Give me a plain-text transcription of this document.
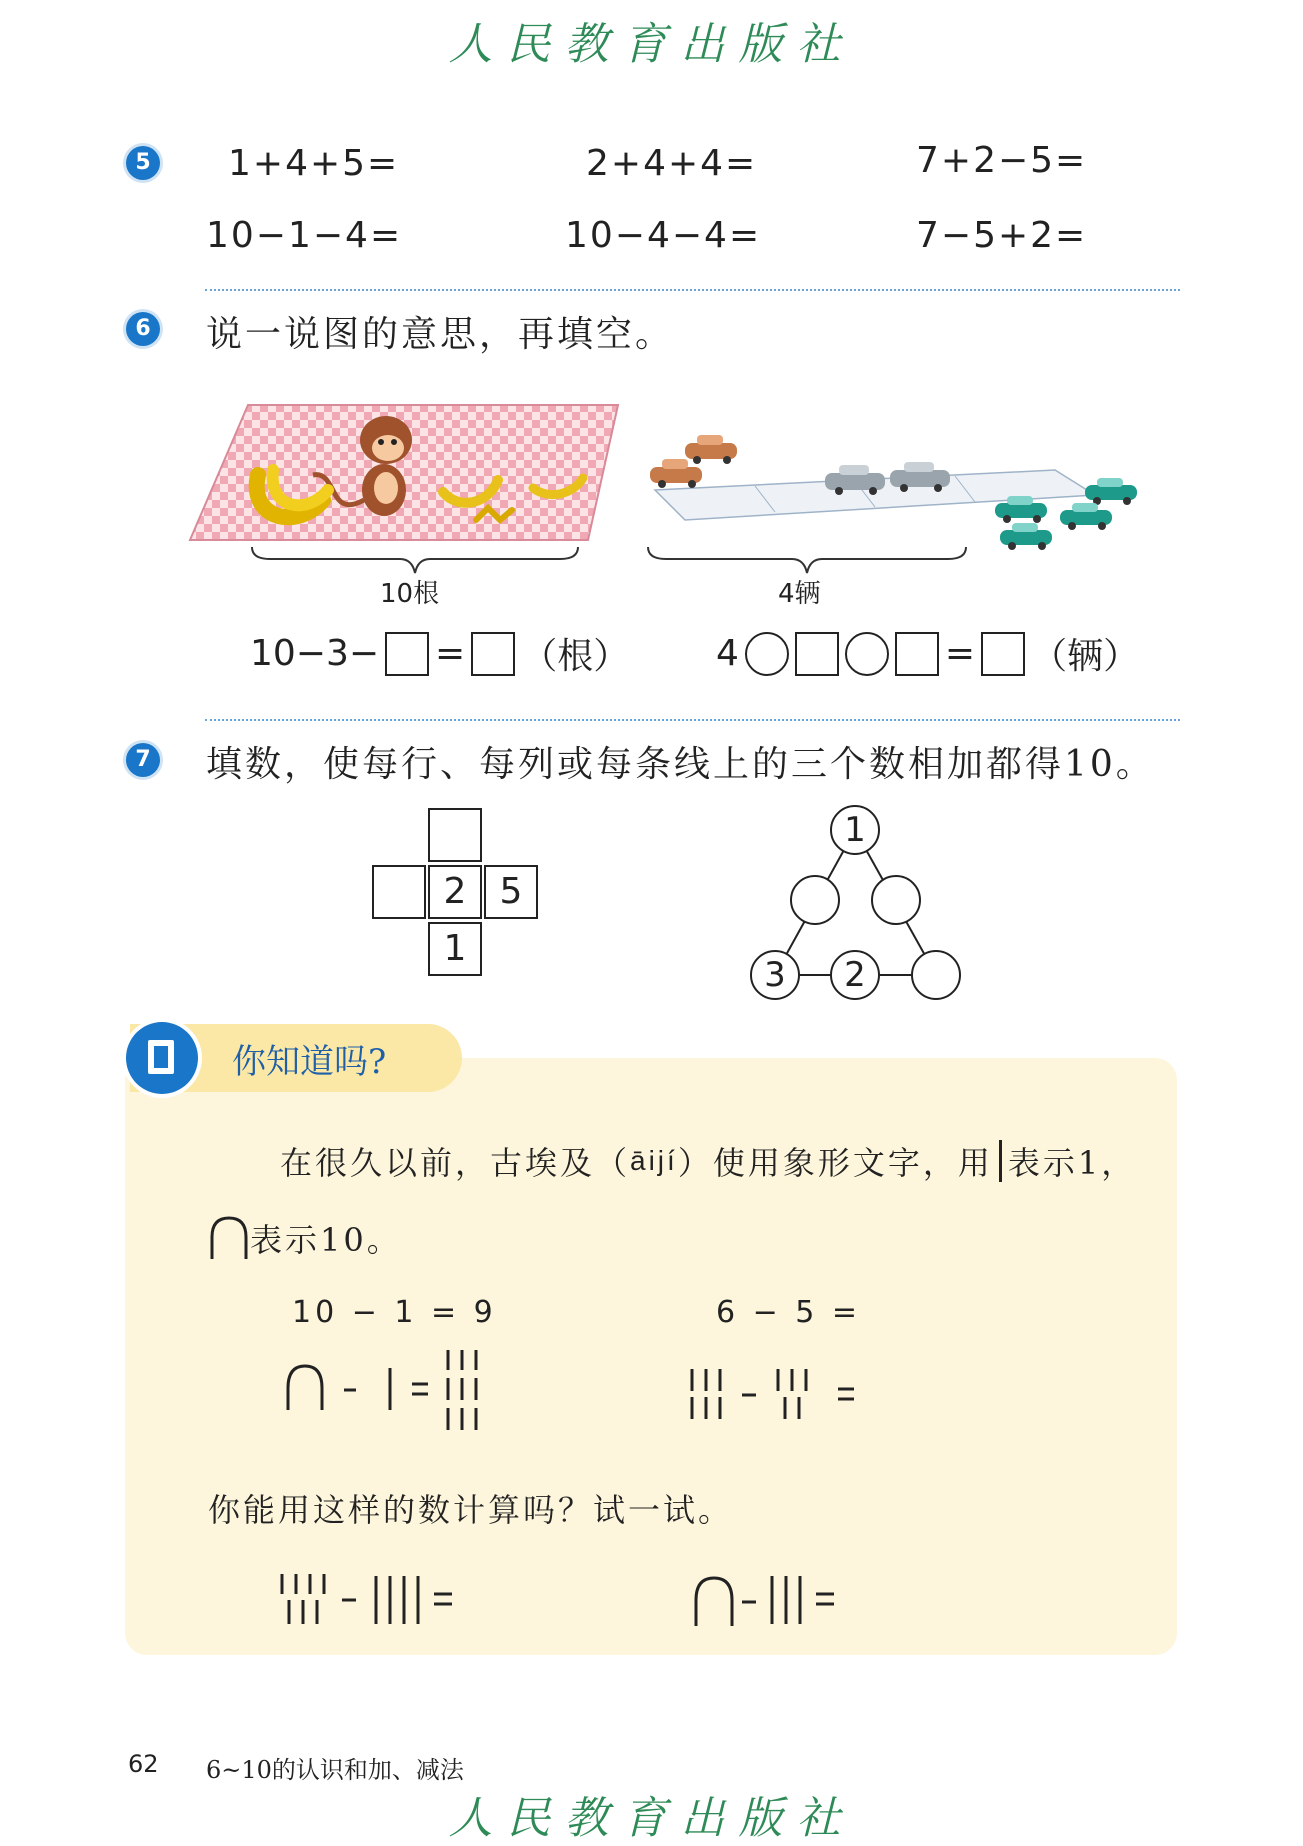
人民教育出版社
5 1+4+5=	2+4+4=	7+2−5=
10−1−4=	10−4−4=	7−5+2=
6 说一说图的意思，再填空。
10根	4辆
10−3− = （根） 4	= （辆）
7 填数，使每行、每列或每条线上的三个数相加都得10。
2 5
1
1
3	2
你知道吗?
在很久以前，古埃及（ āijí ）使用象形文字，用 表示1，
表示10。
10 − 1 = 9	6 − 5 =
你能用这样的数计算吗？试一试。
62 6~10的认识和加、减法
人民教育出版社
